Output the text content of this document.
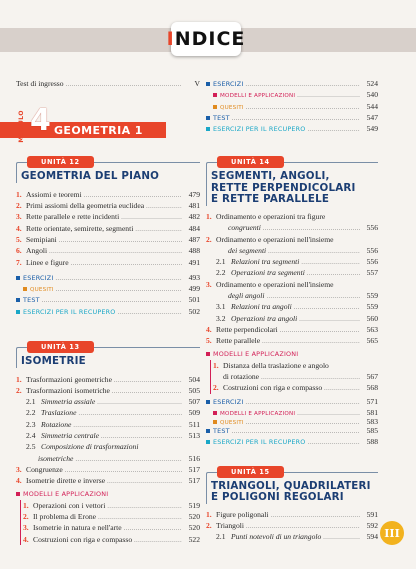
I NDICE
MODULO 4 GEOMETRIA 1
Test di ingresso .....	V
UNITÀ 12
GEOMETRIA DEL PIANO
1. Assiomi e teoremi .....	479
2. Primi assiomi della geometria euclidea .....	481
3. Rette parallele e rette incidenti .....	482
4. Rette orientate, semirette, segmenti .....	484
5. Semipiani .....	487
6. Angoli .....	488
7. Linee e figure .....	491
ESERCIZI .....	493
QUESITI .....	499
TEST .....	501
ESERCIZI PER IL RECUPERO .....	502
UNITÀ 13
ISOMETRIE
1. Trasformazioni geometriche .....	504
2. Trasformazioni isometriche .....	505
2.1 Simmetria assiale .....	507
2.2 Traslazione .....	509
2.3 Rotazione .....	511
2.4 Simmetria centrale .....	513
2.5 Composizione di trasformazioni
isometriche .....	516
3. Congruenze .....	517
4. Isometrie dirette e inverse .....	517
MODELLI E APPLICAZIONI
1. Operazioni con i vettori .....	519
2. Il problema di Erone .....	520
3. Isometrie in natura e nell'arte .....	520
4. Costruzioni con riga e compasso .....	522
ESERCIZI .....	524
MODELLI E APPLICAZIONI .....	540
QUESITI .....	544
TEST .....	547
ESERCIZI PER IL RECUPERO .....	549
UNITÀ 14
SEGMENTI, ANGOLI,
RETTE PERPENDICOLARI
E RETTE PARALLELE
1. Ordinamento e operazioni tra figure
congruenti .....	556
2. Ordinamento e operazioni nell'insieme
dei segmenti .....	556
2.1 Relazioni tra segmenti .....	556
2.2 Operazioni tra segmenti .....	557
3. Ordinamento e operazioni nell'insieme
degli angoli .....	559
3.1 Relazioni tra angoli .....	559
3.2 Operazioni tra angoli .....	560
4. Rette perpendicolari .....	563
5. Rette parallele .....	565
MODELLI E APPLICAZIONI
1. Distanza della traslazione e angolo
di rotazione .....	567
2. Costruzioni con riga e compasso .....	568
ESERCIZI .....	571
MODELLI E APPLICAZIONI .....	581
QUESITI .....	583
TEST .....	585
ESERCIZI PER IL RECUPERO .....	588
UNITÀ 15
TRIANGOLI, QUADRILATERI
E POLIGONI REGOLARI
1. Figure poligonali .....	591
2. Triangoli .....	592
2.1 Punti notevoli di un triangolo .....	594 III
